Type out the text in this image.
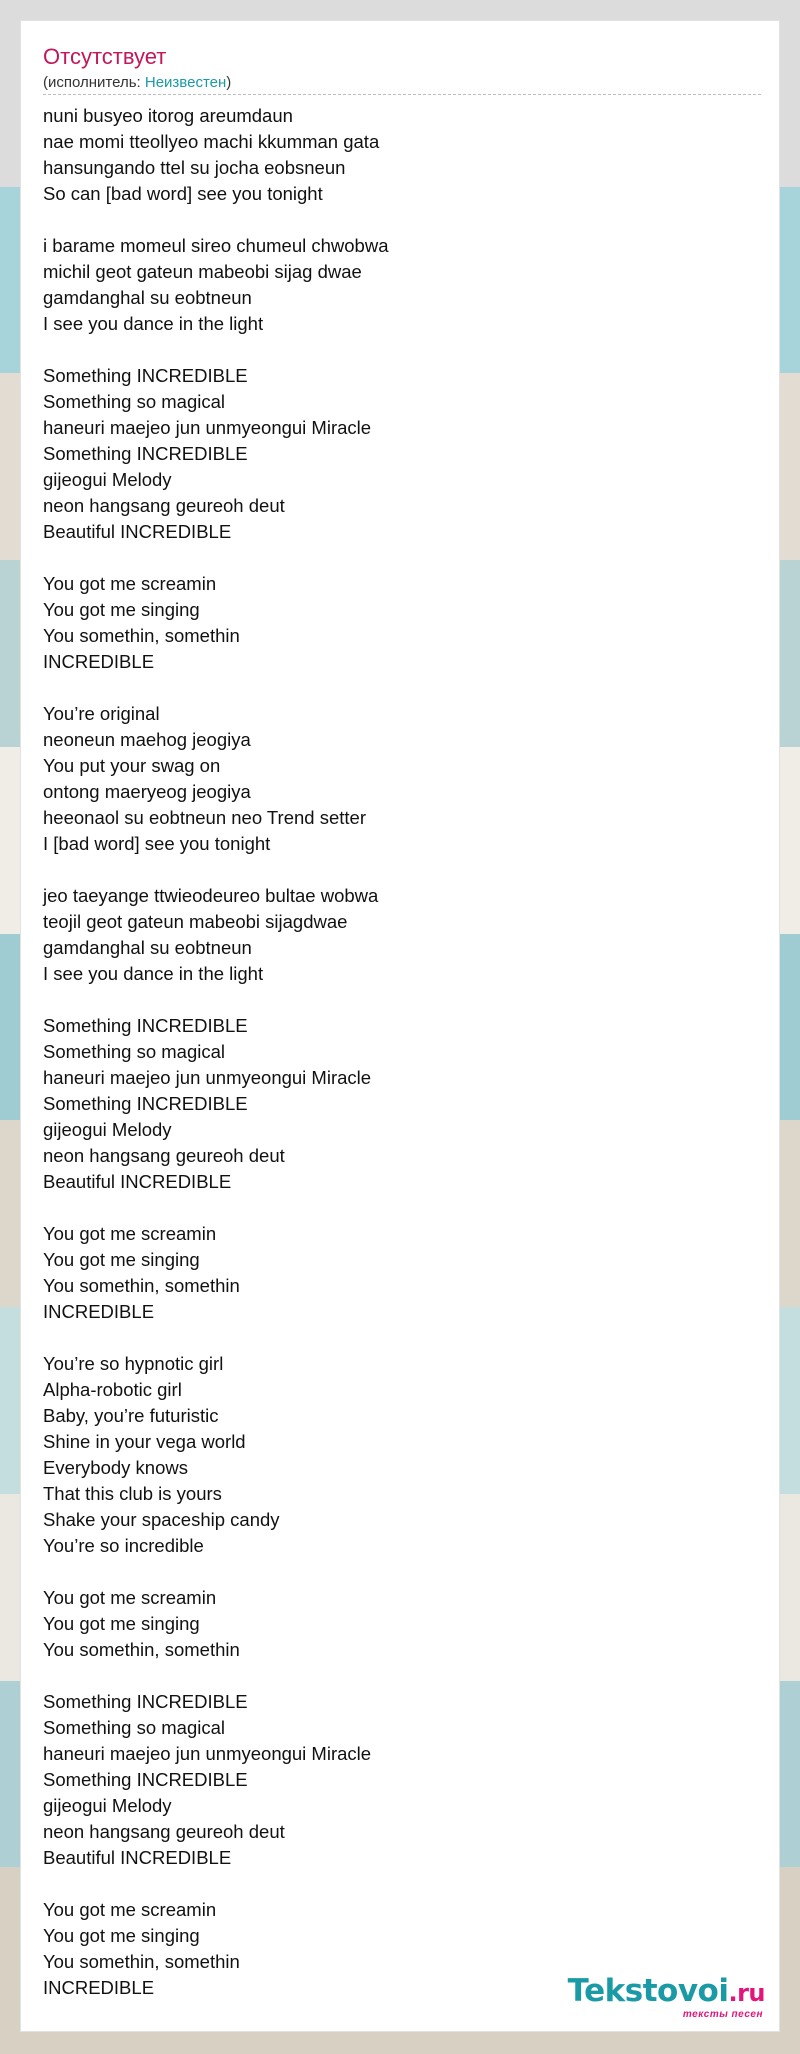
Отсутствует
(исполнитель: Неизвестен)
nuni busyeo itorog areumdaun
nae momi tteollyeo machi kkumman gata
hansungando ttel su jocha eobsneun
So can [bad word] see you tonight
i barame momeul sireo chumeul chwobwa
michil geot gateun mabeobi sijag dwae
gamdanghal su eobtneun
I see you dance in the light
Something INCREDIBLE
Something so magical
haneuri maejeo jun unmyeongui Miracle
Something INCREDIBLE
gijeogui Melody
neon hangsang geureoh deut
Beautiful INCREDIBLE
You got me screamin
You got me singing
You somethin, somethin
INCREDIBLE
You’re original
neoneun maehog jeogiya
You put your swag on
ontong maeryeog jeogiya
heeonaol su eobtneun neo Trend setter
I [bad word] see you tonight
jeo taeyange ttwieodeureo bultae wobwa
teojil geot gateun mabeobi sijagdwae
gamdanghal su eobtneun
I see you dance in the light
Something INCREDIBLE
Something so magical
haneuri maejeo jun unmyeongui Miracle
Something INCREDIBLE
gijeogui Melody
neon hangsang geureoh deut
Beautiful INCREDIBLE
You got me screamin
You got me singing
You somethin, somethin
INCREDIBLE
You’re so hypnotic girl
Alpha-robotic girl
Baby, you’re futuristic
Shine in your vega world
Everybody knows
That this club is yours
Shake your spaceship candy
You’re so incredible
You got me screamin
You got me singing
You somethin, somethin
Something INCREDIBLE
Something so magical
haneuri maejeo jun unmyeongui Miracle
Something INCREDIBLE
gijeogui Melody
neon hangsang geureoh deut
Beautiful INCREDIBLE
You got me screamin
You got me singing
You somethin, somethin
INCREDIBLE	Tekstovoi.ru
тексты песен
